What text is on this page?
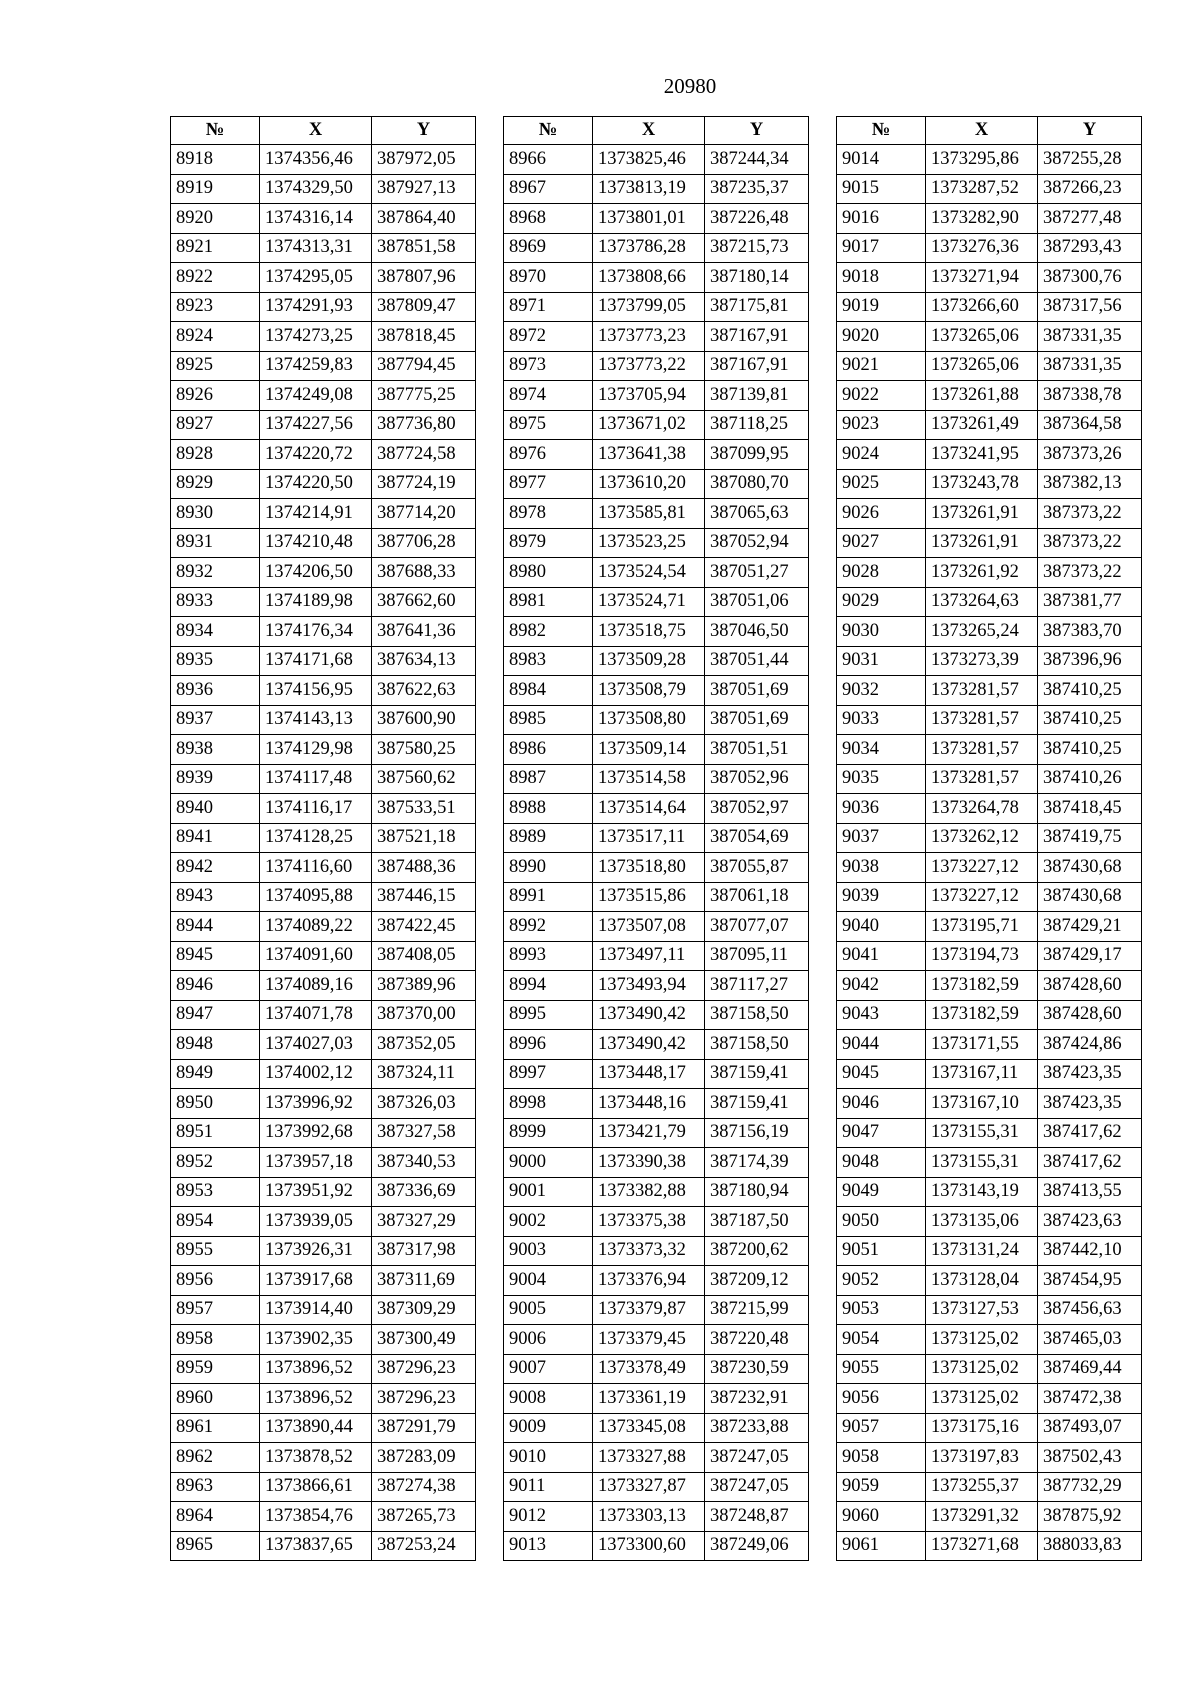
20980
№	X	Y
8918	1374356,46	387972,05
8919	1374329,50	387927,13
8920	1374316,14	387864,40
8921	1374313,31	387851,58
8922	1374295,05	387807,96
8923	1374291,93	387809,47
8924	1374273,25	387818,45
8925	1374259,83	387794,45
8926	1374249,08	387775,25
8927	1374227,56	387736,80
8928	1374220,72	387724,58
8929	1374220,50	387724,19
8930	1374214,91	387714,20
8931	1374210,48	387706,28
8932	1374206,50	387688,33
8933	1374189,98	387662,60
8934	1374176,34	387641,36
8935	1374171,68	387634,13
8936	1374156,95	387622,63
8937	1374143,13	387600,90
8938	1374129,98	387580,25
8939	1374117,48	387560,62
8940	1374116,17	387533,51
8941	1374128,25	387521,18
8942	1374116,60	387488,36
8943	1374095,88	387446,15
8944	1374089,22	387422,45
8945	1374091,60	387408,05
8946	1374089,16	387389,96
8947	1374071,78	387370,00
8948	1374027,03	387352,05
8949	1374002,12	387324,11
8950	1373996,92	387326,03
8951	1373992,68	387327,58
8952	1373957,18	387340,53
8953	1373951,92	387336,69
8954	1373939,05	387327,29
8955	1373926,31	387317,98
8956	1373917,68	387311,69
8957	1373914,40	387309,29
8958	1373902,35	387300,49
8959	1373896,52	387296,23
8960	1373896,52	387296,23
8961	1373890,44	387291,79
8962	1373878,52	387283,09
8963	1373866,61	387274,38
8964	1373854,76	387265,73
8965	1373837,65	387253,24
№	X	Y
8966	1373825,46	387244,34
8967	1373813,19	387235,37
8968	1373801,01	387226,48
8969	1373786,28	387215,73
8970	1373808,66	387180,14
8971	1373799,05	387175,81
8972	1373773,23	387167,91
8973	1373773,22	387167,91
8974	1373705,94	387139,81
8975	1373671,02	387118,25
8976	1373641,38	387099,95
8977	1373610,20	387080,70
8978	1373585,81	387065,63
8979	1373523,25	387052,94
8980	1373524,54	387051,27
8981	1373524,71	387051,06
8982	1373518,75	387046,50
8983	1373509,28	387051,44
8984	1373508,79	387051,69
8985	1373508,80	387051,69
8986	1373509,14	387051,51
8987	1373514,58	387052,96
8988	1373514,64	387052,97
8989	1373517,11	387054,69
8990	1373518,80	387055,87
8991	1373515,86	387061,18
8992	1373507,08	387077,07
8993	1373497,11	387095,11
8994	1373493,94	387117,27
8995	1373490,42	387158,50
8996	1373490,42	387158,50
8997	1373448,17	387159,41
8998	1373448,16	387159,41
8999	1373421,79	387156,19
9000	1373390,38	387174,39
9001	1373382,88	387180,94
9002	1373375,38	387187,50
9003	1373373,32	387200,62
9004	1373376,94	387209,12
9005	1373379,87	387215,99
9006	1373379,45	387220,48
9007	1373378,49	387230,59
9008	1373361,19	387232,91
9009	1373345,08	387233,88
9010	1373327,88	387247,05
9011	1373327,87	387247,05
9012	1373303,13	387248,87
9013	1373300,60	387249,06
№	X	Y
9014	1373295,86	387255,28
9015	1373287,52	387266,23
9016	1373282,90	387277,48
9017	1373276,36	387293,43
9018	1373271,94	387300,76
9019	1373266,60	387317,56
9020	1373265,06	387331,35
9021	1373265,06	387331,35
9022	1373261,88	387338,78
9023	1373261,49	387364,58
9024	1373241,95	387373,26
9025	1373243,78	387382,13
9026	1373261,91	387373,22
9027	1373261,91	387373,22
9028	1373261,92	387373,22
9029	1373264,63	387381,77
9030	1373265,24	387383,70
9031	1373273,39	387396,96
9032	1373281,57	387410,25
9033	1373281,57	387410,25
9034	1373281,57	387410,25
9035	1373281,57	387410,26
9036	1373264,78	387418,45
9037	1373262,12	387419,75
9038	1373227,12	387430,68
9039	1373227,12	387430,68
9040	1373195,71	387429,21
9041	1373194,73	387429,17
9042	1373182,59	387428,60
9043	1373182,59	387428,60
9044	1373171,55	387424,86
9045	1373167,11	387423,35
9046	1373167,10	387423,35
9047	1373155,31	387417,62
9048	1373155,31	387417,62
9049	1373143,19	387413,55
9050	1373135,06	387423,63
9051	1373131,24	387442,10
9052	1373128,04	387454,95
9053	1373127,53	387456,63
9054	1373125,02	387465,03
9055	1373125,02	387469,44
9056	1373125,02	387472,38
9057	1373175,16	387493,07
9058	1373197,83	387502,43
9059	1373255,37	387732,29
9060	1373291,32	387875,92
9061	1373271,68	388033,83
